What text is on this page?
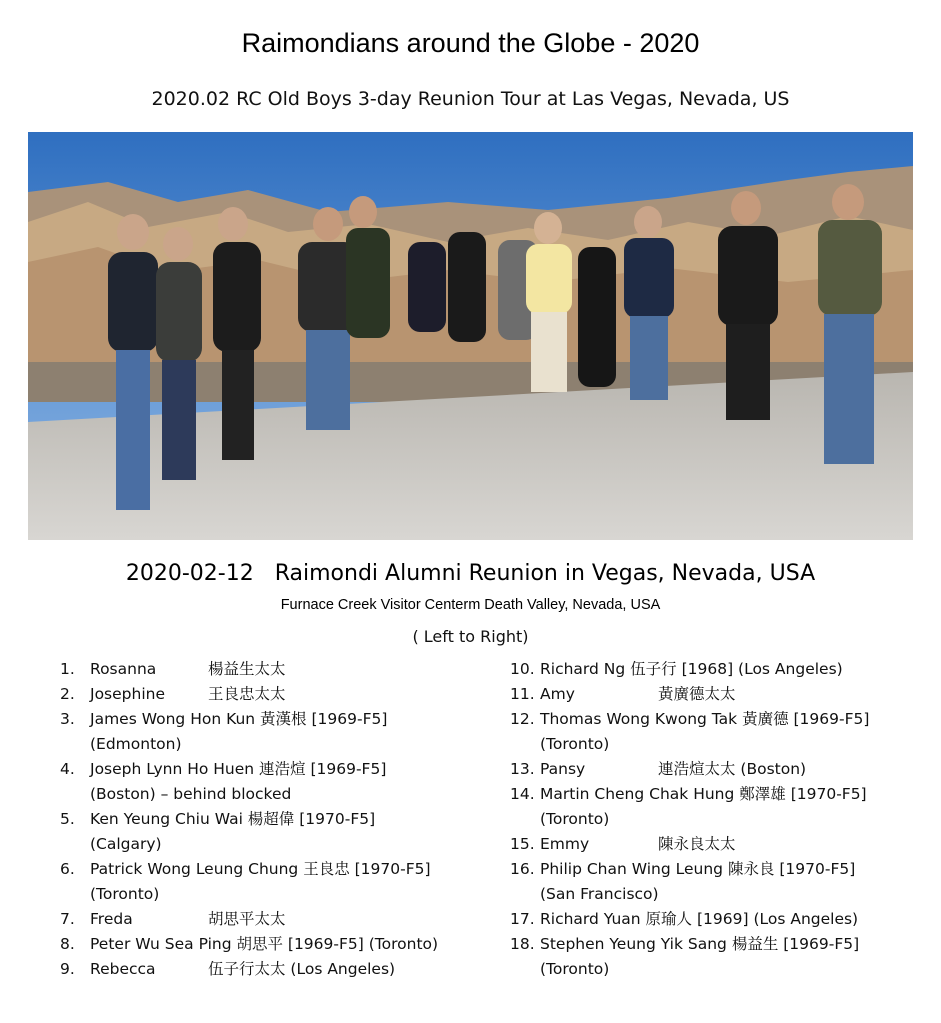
Raimondians around the Globe - 2020
2020.02 RC Old Boys 3-day Reunion Tour at Las Vegas, Nevada, US
2020-02-12 Raimondi Alumni Reunion in Vegas, Nevada, USA
Furnace Creek Visitor Centerm Death Valley, Nevada, USA
( Left to Right)
1. Rosanna	楊益生太太
2. Josephine	王良忠太太
3. James Wong Hon Kun 黃漢根 [1969-F5]
(Edmonton)
4. Joseph Lynn Ho Huen 連浩煊 [1969-F5]
(Boston) – behind blocked
5. Ken Yeung Chiu Wai 楊超偉 [1970-F5]
(Calgary)
6. Patrick Wong Leung Chung 王良忠 [1970-F5]
(Toronto)
7. Freda	胡思平太太
8. Peter Wu Sea Ping 胡思平 [1969-F5] (Toronto)
9. Rebecca	伍子行太太 (Los Angeles)
10. Richard Ng 伍子行 [1968] (Los Angeles)
11. Amy	黃廣德太太
12. Thomas Wong Kwong Tak 黃廣德 [1969-F5]
(Toronto)
13. Pansy	連浩煊太太 (Boston)
14. Martin Cheng Chak Hung 鄭澤雄 [1970-F5]
(Toronto)
15. Emmy	陳永良太太
16. Philip Chan Wing Leung 陳永良 [1970-F5]
(San Francisco)
17. Richard Yuan 原瑜人 [1969] (Los Angeles)
18. Stephen Yeung Yik Sang 楊益生 [1969-F5]
(Toronto)
